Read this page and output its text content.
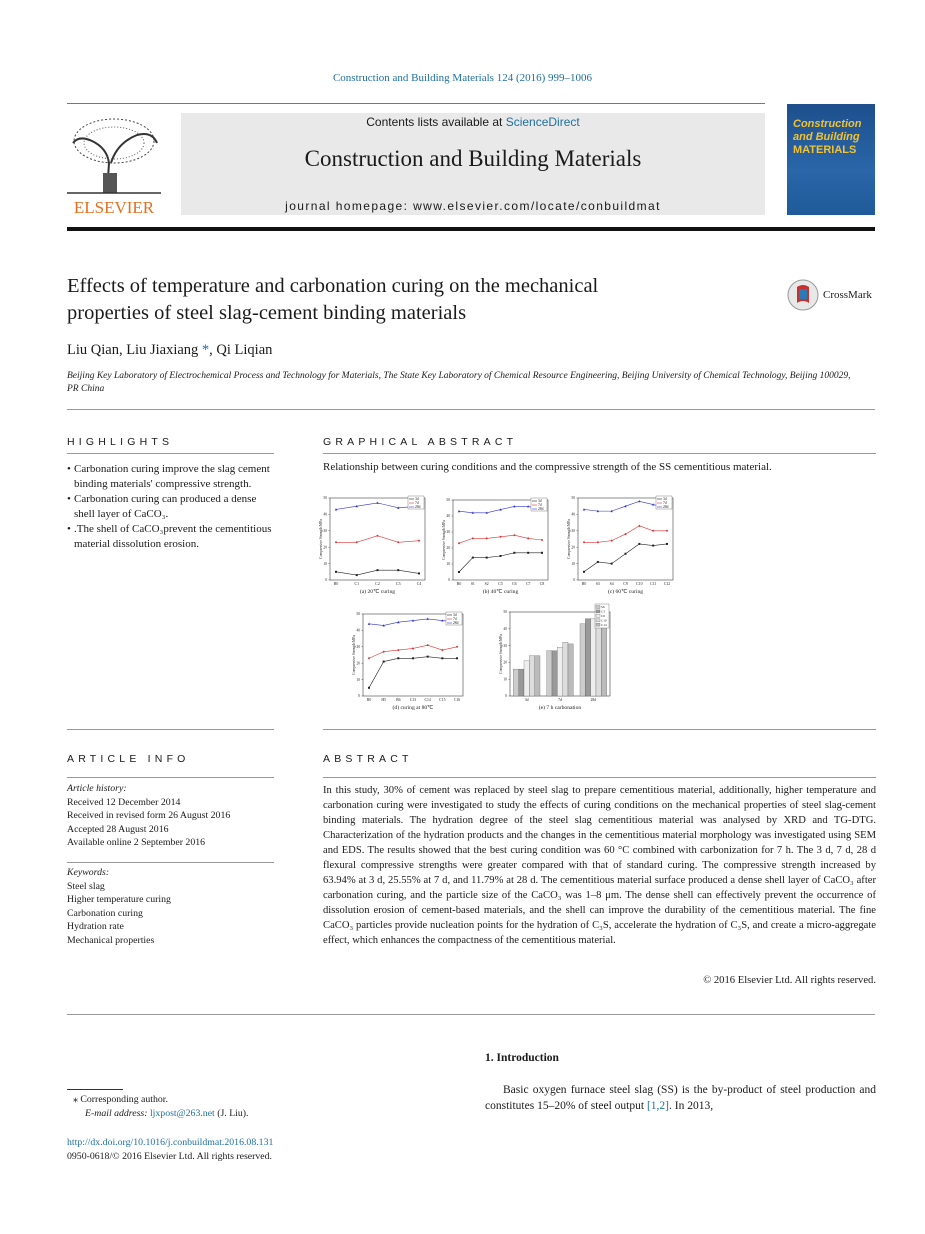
Construction and Building Materials 124 (2016) 999–1006
ELSEVIER
Contents lists available at ScienceDirect
Construction and Building Materials
journal homepage: www.elsevier.com/locate/conbuildmat
Construction and Building
MATERIALS
Effects of temperature and carbonation curing on the mechanical
properties of steel slag-cement binding materials
CrossMark
Liu Qian, Liu Jiaxiang *, Qi Liqian
Beijing Key Laboratory of Electrochemical Process and Technology for Materials, The State Key Laboratory of Chemical Resource Engineering, Beijing University of Chemical Technology, Beijing 100029, PR China
HIGHLIGHTS
• Carbonation curing improve the slag cement binding materials' compressive strength.
• Carbonation curing can produced a dense shell layer of CaCO₃.
• .The shell of CaCO₃prevent the cementitious material dissolution erosion.
GRAPHICAL ABSTRACT
Relationship between curing conditions and the compressive strength of the SS cementitious material.
Compressive Strength/MPa
0
10
20
30
40
50
B0	C1	C2	C3	C4
3d
7d
28d
(a) 20℃ curing
Compressive Strength/MPa
0
10
20
30
40
50
B0	S1	S2	C5 C6 C7 C8
3d
7d
28d
(b) 40℃ curing
Compressive Strength/MPa
0
10
20
30
40
50
B0	S3	S4	C9 C10 C11 C12
3d
7d
28d
(c) 60℃ curing
Compressive Strength/MPa
0
10
20
30
40
50
B0	H5	B6 C13 C14 C15 C16
3d
7d
28d
(d) curing at 80℃
Compressive Strength/MPa
0
10
20
30
40
50
3d	7d	28d
S6
C3
C6
C10
C14
(e) 7 h carbonation
ARTICLE INFO
Article history:
Received 12 December 2014
Received in revised form 26 August 2016
Accepted 28 August 2016
Available online 2 September 2016
Keywords:
Steel slag
Higher temperature curing
Carbonation curing
Hydration rate
Mechanical properties
ABSTRACT
In this study, 30% of cement was replaced by steel slag to prepare cementitious material, additionally, higher temperature and carbonation curing were investigated to study the effects of curing conditions on the mechanical properties of steel slag-cement binding materials. The hydration degree of the steel slag cementitious material was analysed by XRD and TG-DTG. Characterization of the hydration products and the changes in the cementitious material morphology was investigated using SEM and EDS. The results showed that the best curing condition was 60 °C combined with carbonization for 7 h. The 3 d, 7 d, 28 d flexural compressive strengths were greater compared with that of standard curing. The compressive strength increased by 63.94% at 3 d, 25.55% at 7 d, and 11.79% at 28 d. The cementitious material surface produced a dense shell layer of CaCO₃ after carbonation curing, and the particle size of the CaCO₃ was 1–8 μm. The dense shell can effectively prevent the occurrence of dissolution erosion of cement-based materials, and the shell can improve the durability of the cementitious material. The fine CaCO₃ particles provide nucleation points for the hydration of C₃S, accelerate the hydration of C₃S, and create a micro-aggregate effect, which enhances the compactness of the cementitious material.
© 2016 Elsevier Ltd. All rights reserved.
1. Introduction
Basic oxygen furnace steel slag (SS) is the by-product of steel production and constitutes 15–20% of steel output [1,2]. In 2013,
⁎ Corresponding author.
E-mail address: ljxpost@263.net (J. Liu).
http://dx.doi.org/10.1016/j.conbuildmat.2016.08.131
0950-0618/© 2016 Elsevier Ltd. All rights reserved.
